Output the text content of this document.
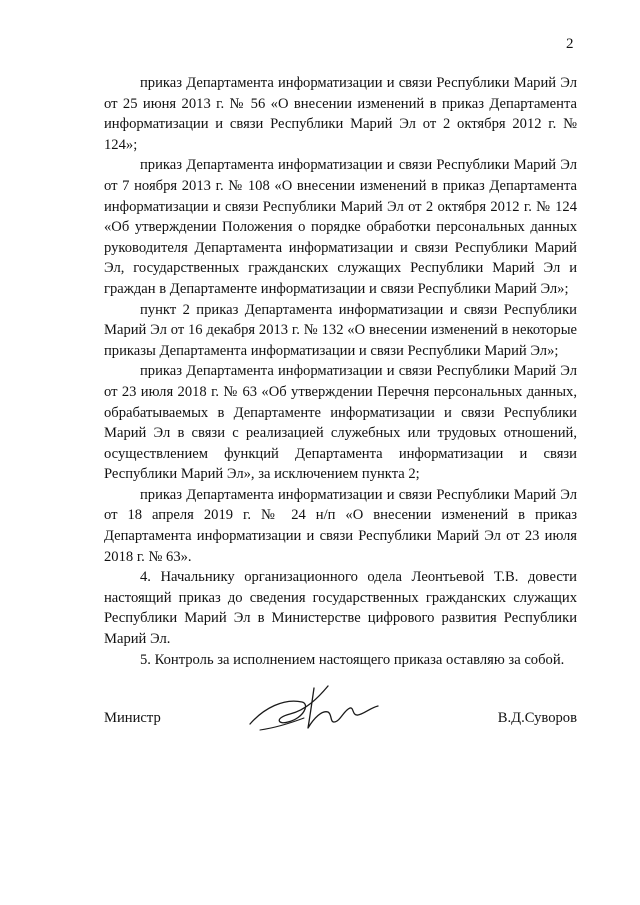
2

приказ Департамента информатизации и связи Республики Марий Эл от 25 июня 2013 г. № 56 «О внесении изменений в приказ Департамента информатизации и связи Республики Марий Эл от 2 октября 2012 г. № 124»;

приказ Департамента информатизации и связи Республики Марий Эл от 7 ноября 2013 г. № 108 «О внесении изменений в приказ Департамента информатизации и связи Республики Марий Эл от 2 октября 2012 г. № 124 «Об утверждении Положения о порядке обработки персональных данных руководителя Департамента информатизации и связи Республики Марий Эл, государственных гражданских служащих Республики Марий Эл и граждан в Департаменте информатизации и связи Республики Марий Эл»;

пункт 2 приказ Департамента информатизации и связи Республики Марий Эл от 16 декабря 2013 г. № 132 «О внесении изменений в некоторые приказы Департамента информатизации и связи Республики Марий Эл»;

приказ Департамента информатизации и связи Республики Марий Эл от 23 июля 2018 г. № 63 «Об утверждении Перечня персональных данных, обрабатываемых в Департаменте информатизации и связи Республики Марий Эл в связи с реализацией служебных или трудовых отношений, осуществлением функций Департамента информатизации и связи Республики Марий Эл», за исключением пункта 2;

приказ Департамента информатизации и связи Республики Марий Эл от 18 апреля 2019 г. № 24 н/п «О внесении изменений в приказ Департамента информатизации и связи Республики Марий Эл от 23 июля 2018 г. № 63».

4. Начальнику организационного одела Леонтьевой Т.В. довести настоящий приказ до сведения государственных гражданских служащих Республики Марий Эл в Министерстве цифрового развития Республики Марий Эл.

5. Контроль за исполнением настоящего приказа оставляю за собой.

Министр	В.Д.Суворов
